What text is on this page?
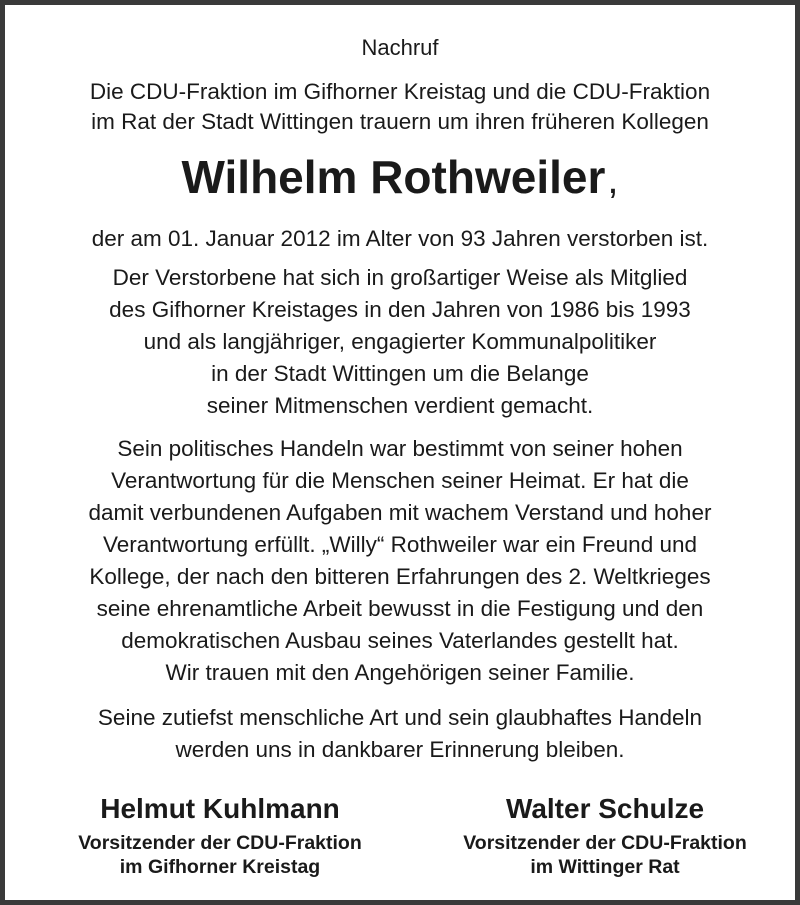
Nachruf
Die CDU-Fraktion im Gifhorner Kreistag und die CDU-Fraktion
im Rat der Stadt Wittingen trauern um ihren früheren Kollegen
Wilhelm Rothweiler,

der am 01. Januar 2012 im Alter von 93 Jahren verstorben ist.

Der Verstorbene hat sich in großartiger Weise als Mitglied
des Gifhorner Kreistages in den Jahren von 1986 bis 1993
und als langjähriger, engagierter Kommunalpolitiker
in der Stadt Wittingen um die Belange
seiner Mitmenschen verdient gemacht.

Sein politisches Handeln war bestimmt von seiner hohen
Verantwortung für die Menschen seiner Heimat. Er hat die
damit verbundenen Aufgaben mit wachem Verstand und hoher
Verantwortung erfüllt. „Willy“ Rothweiler war ein Freund und
Kollege, der nach den bitteren Erfahrungen des 2. Weltkrieges
seine ehrenamtliche Arbeit bewusst in die Festigung und den
demokratischen Ausbau seines Vaterlandes gestellt hat.
Wir trauen mit den Angehörigen seiner Familie.

Seine zutiefst menschliche Art und sein glaubhaftes Handeln
werden uns in dankbarer Erinnerung bleiben.

Helmut Kuhlmann
Vorsitzender der CDU-Fraktion
im Gifhorner Kreistag
Walter Schulze
Vorsitzender der CDU-Fraktion
im Wittinger Rat
